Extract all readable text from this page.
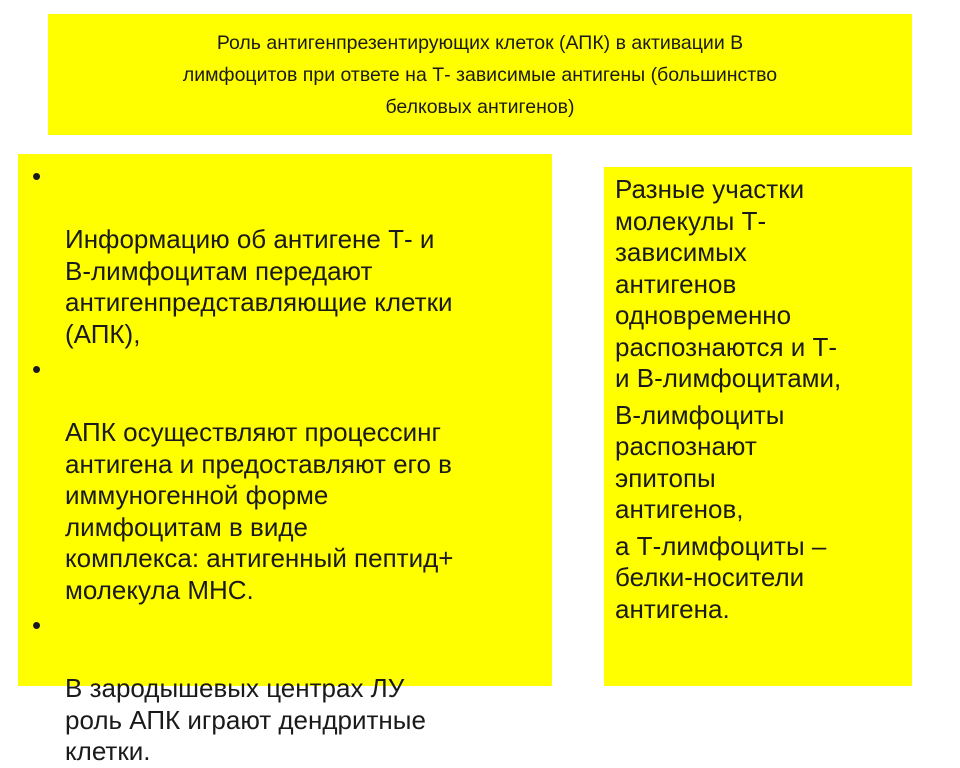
Роль антигенпрезентирующих клеток (АПК) в активации В
лимфоцитов при ответе на Т- зависимые антигены (большинство
белковых антигенов)

•

Информацию об антигене Т- и
В-лимфоцитам передают
антигенпредставляющие клетки
(АПК),

•

АПК осуществляют процессинг
антигена и предоставляют его в
иммуногенной форме
лимфоцитам в виде
комплекса: антигенный пептид+
молекула МНС.

•

В зародышевых центрах ЛУ
роль АПК играют дендритные
клетки.

Разные участки
молекулы Т-
зависимых
антигенов
одновременно
распознаются и Т-
и В-лимфоцитами,

В-лимфоциты
распознают
эпитопы
антигенов,

а Т-лимфоциты –
белки-носители
антигена.
